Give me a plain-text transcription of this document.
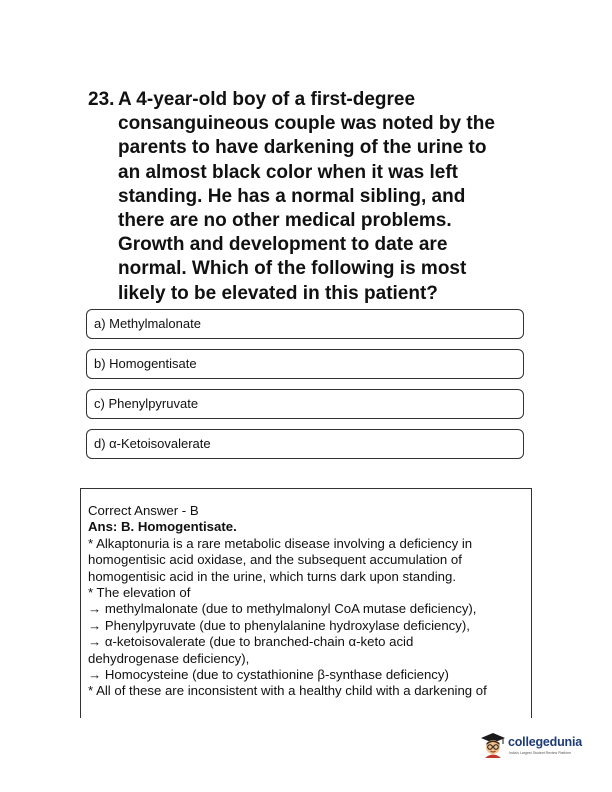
23. A 4-year-old boy of a first-degree
consanguineous couple was noted by the
parents to have darkening of the urine to
an almost black color when it was left
standing. He has a normal sibling, and
there are no other medical problems.
Growth and development to date are
normal. Which of the following is most
likely to be elevated in this patient?
a) Methylmalonate
b) Homogentisate
c) Phenylpyruvate
d) α-Ketoisovalerate
Correct Answer - B
Ans: B. Homogentisate.
* Alkaptonuria is a rare metabolic disease involving a deficiency in
homogentisic acid oxidase, and the subsequent accumulation of
homogentisic acid in the urine, which turns dark upon standing.
* The elevation of
→ methylmalonate (due to methylmalonyl CoA mutase deficiency),
→ Phenylpyruvate (due to phenylalanine hydroxylase deficiency),
→ α-ketoisovalerate (due to branched-chain α-keto acid
dehydrogenase deficiency),
→ Homocysteine (due to cystathionine β-synthase deficiency)
* All of these are inconsistent with a healthy child with a darkening of
collegedunia
India's Largest Student Review Platform
